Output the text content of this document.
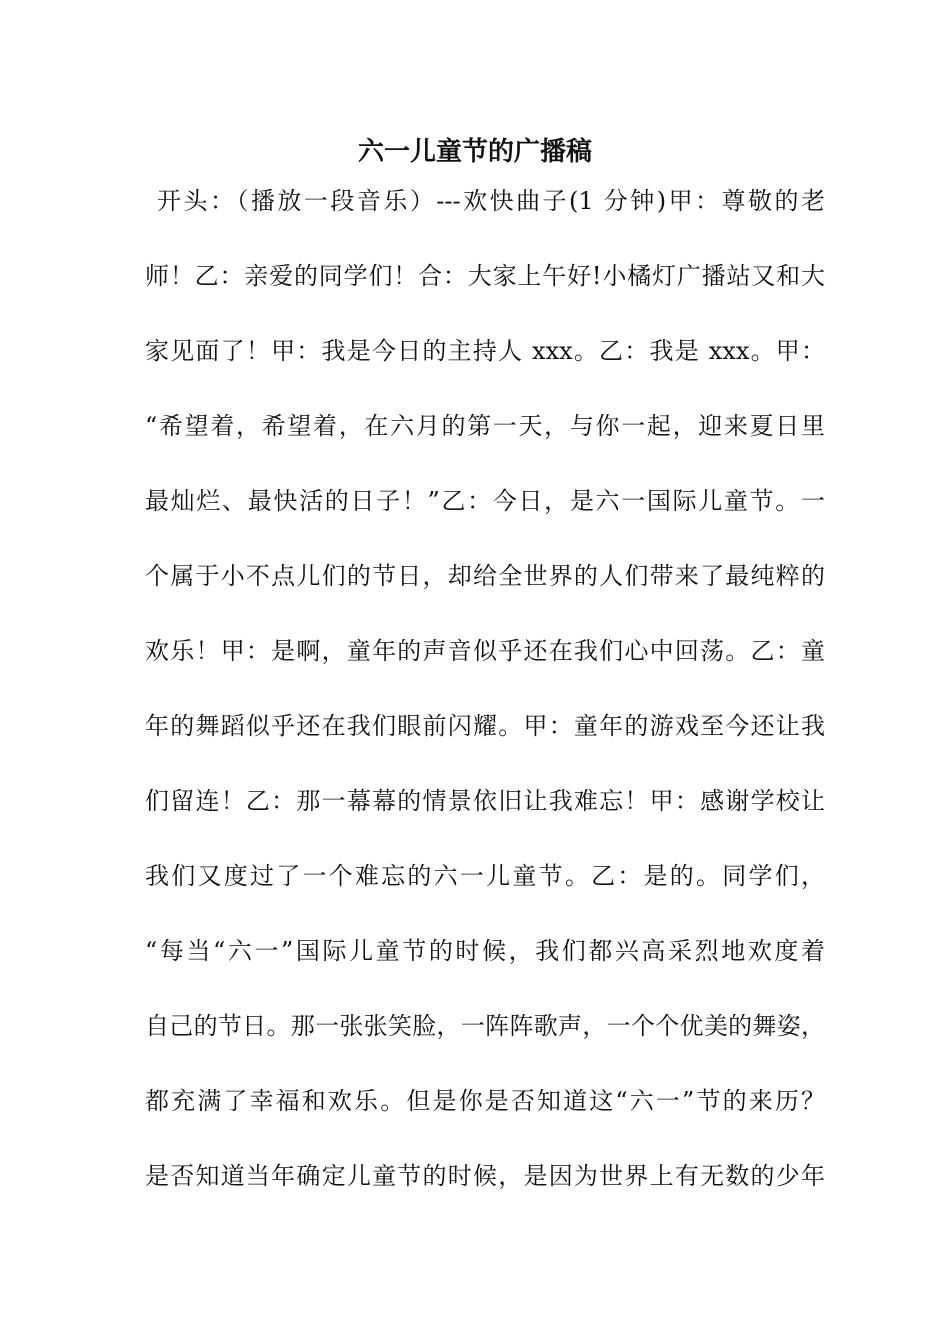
六一儿童节的广播稿
开头：（播放一段音乐）---欢快曲子(1 分钟)甲：尊敬的老
师！乙：亲爱的同学们！合：大家上午好!小橘灯广播站又和大
家见面了！甲：我是今日的主持人 xxx。乙：我是 xxx。甲：
“希望着，希望着，在六月的第一天，与你一起，迎来夏日里
最灿烂、最快活的日子！”乙：今日，是六一国际儿童节。一
个属于小不点儿们的节日，却给全世界的人们带来了最纯粹的
欢乐！甲：是啊，童年的声音似乎还在我们心中回荡。乙：童
年的舞蹈似乎还在我们眼前闪耀。甲：童年的游戏至今还让我
们留连！乙：那一幕幕的情景依旧让我难忘！甲：感谢学校让
我们又度过了一个难忘的六一儿童节。乙：是的。同学们，
“每当“六一”国际儿童节的时候，我们都兴高采烈地欢度着
自己的节日。那一张张笑脸，一阵阵歌声，一个个优美的舞姿，
都充满了幸福和欢乐。但是你是否知道这“六一”节的来历？
是否知道当年确定儿童节的时候，是因为世界上有无数的少年
